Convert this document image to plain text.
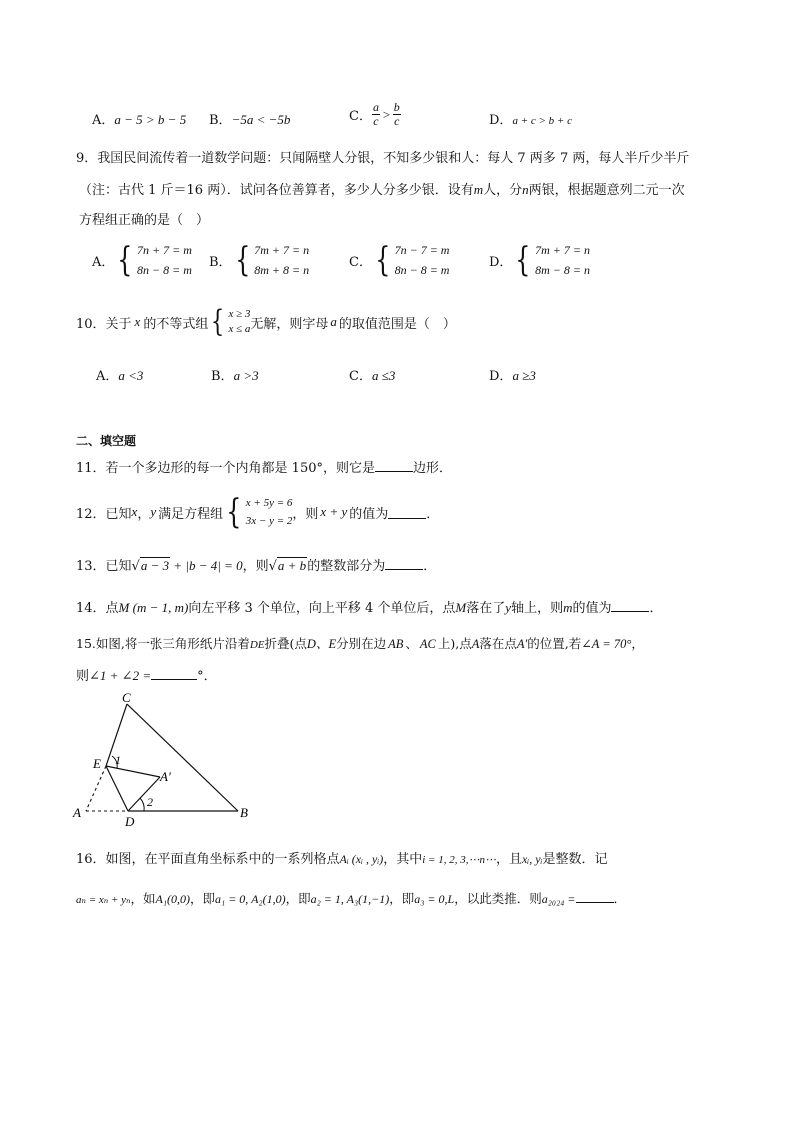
A．a − 5 > b − 5 B．−5a < −5b	C． $\frac{a}{c} > \frac{b}{c}$	D．a + c > b + c
9．我国民间流传着一道数学问题：只闻隔壁人分银，不知多少银和人：每人 7 两多 7 两，每人半斤少半斤
（注：古代 1 斤＝16 两）．试问各位善算者，多少人分多少银．设有m人，分n两银，根据题意列二元一次
方程组正确的是（　）
A． { 7n + 7 = m
8n − 8 = m
B． { 7m + 7 = n
8m + 8 = n
C． { 7n − 7 = m
8n − 8 = m
D． { 7m + 7 = n
8m − 8 = n
10．关于 x 的不等式组 { x ≥ 3
x ≤ a 无解，则字母 a 的取值范围是（　）
A．a <3	B．a >3	C．a ≤3	D．a ≥3
二、填空题
11．若一个多边形的每一个内角都是 150°，则它是	边形．
12．已知 x ， y 满足方程组 { x + 5y = 6
3x − y = 2 ，则 x + y 的值为	．
13．已知√a − 3 + |b − 4| = 0，则√a + b的整数部分为	．
14．点M (m − 1, m)向左平移 3 个单位，向上平移 4 个单位后，点M落在了y轴上，则m的值为	．
15.如图,将一张三角形纸片沿着DE折叠(点D、E分别在边 AB 、 AC 上),点A落在点A′的位置,若∠A = 70°，
则∠1 + ∠2 =	°．
C
E 1
A′
2
A
D
B
16．如图，在平面直角坐标系中的一系列格点Aᵢ (xᵢ , yᵢ)，其中i = 1, 2, 3,⋯n⋯，且xᵢ, yᵢ是整数．记
aₙ = xₙ + yₙ，如A₁(0,0)，即a₁ = 0, A₂(1,0)，即a₂ = 1, A₃(1,−1)，即a₃ = 0,L，以此类推．则a₂₀₂₄ =	．
